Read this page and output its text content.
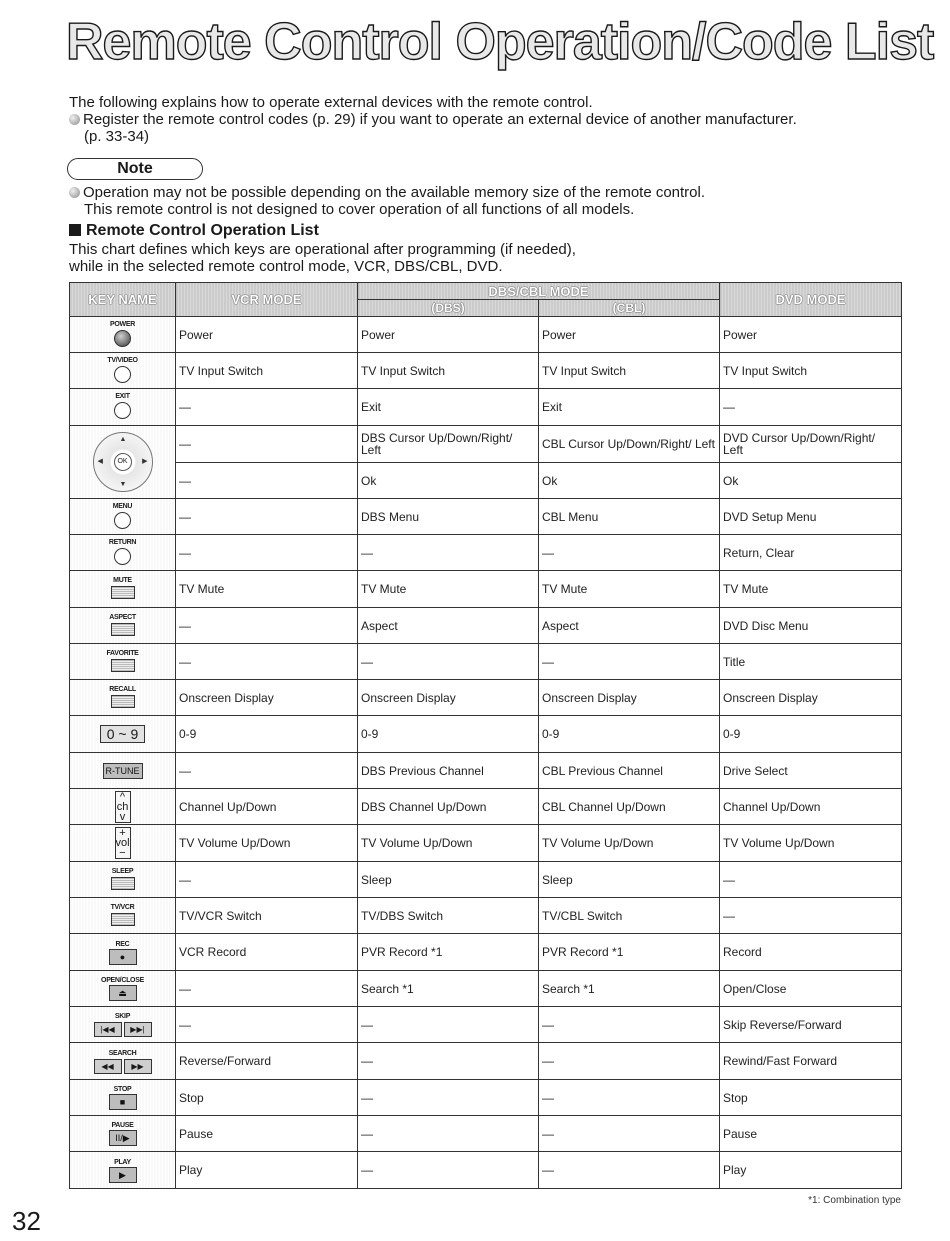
Remote Control Operation/Code List

The following explains how to operate external devices with the remote control.

Register the remote control codes (p. 29) if you want to operate an external device of another manufacturer.

(p. 33-34)

Note

Operation may not be possible depending on the available memory size of the remote control.

This remote control is not designed to cover operation of all functions of all models.

Remote Control Operation List

This chart defines which keys are operational after programming (if needed),

while in the selected remote control mode, VCR, DBS/CBL, DVD.

KEY NAME	VCR MODE	DBS/CBL MODE		DVD MODE
		(DBS)	(CBL)	

POWER	Power	Power	Power	Power

TV/VIDEO	TV Input Switch	TV Input Switch	TV Input Switch	TV Input Switch

EXIT	—	Exit	Exit	—

▲
▼
◀ ▶
OK	—	DBS Cursor Up/Down/Right/ Left	CBL Cursor Up/Down/Right/ Left	DVD Cursor Up/Down/Right/ Left
	—	Ok	Ok	Ok

MENU	—	DBS Menu	CBL Menu	DVD Setup Menu

RETURN	—	—	—	Return, Clear

MUTE	TV Mute	TV Mute	TV Mute	TV Mute

ASPECT	—	Aspect	Aspect	DVD Disc Menu

FAVORITE	—	—	—	Title

RECALL	Onscreen Display	Onscreen Display	Onscreen Display	Onscreen Display
0 ~ 9	0-9	0-9	0-9	0-9
R-TUNE	—	DBS Previous Channel	CBL Previous Channel	Drive Select
^
ch
v	Channel Up/Down	DBS Channel Up/Down	CBL Channel Up/Down	Channel Up/Down
+
vol
−	TV Volume Up/Down	TV Volume Up/Down	TV Volume Up/Down	TV Volume Up/Down

SLEEP	—	Sleep	Sleep	—

TV/VCR	TV/VCR Switch	TV/DBS Switch	TV/CBL Switch	—

REC
●	VCR Record	PVR Record *1	PVR Record *1	Record

OPEN/CLOSE
⏏	—	Search *1	Search *1	Open/Close

SKIP
|◀◀ ▶▶|	—	—	—	Skip Reverse/Forward

SEARCH
◀◀ ▶▶	Reverse/Forward	—	—	Rewind/Fast Forward

STOP
■	Stop	—	—	Stop

PAUSE
II/▶	Pause	—	—	Pause

PLAY
▶	Play	—	—	Play
*1: Combination type
32
